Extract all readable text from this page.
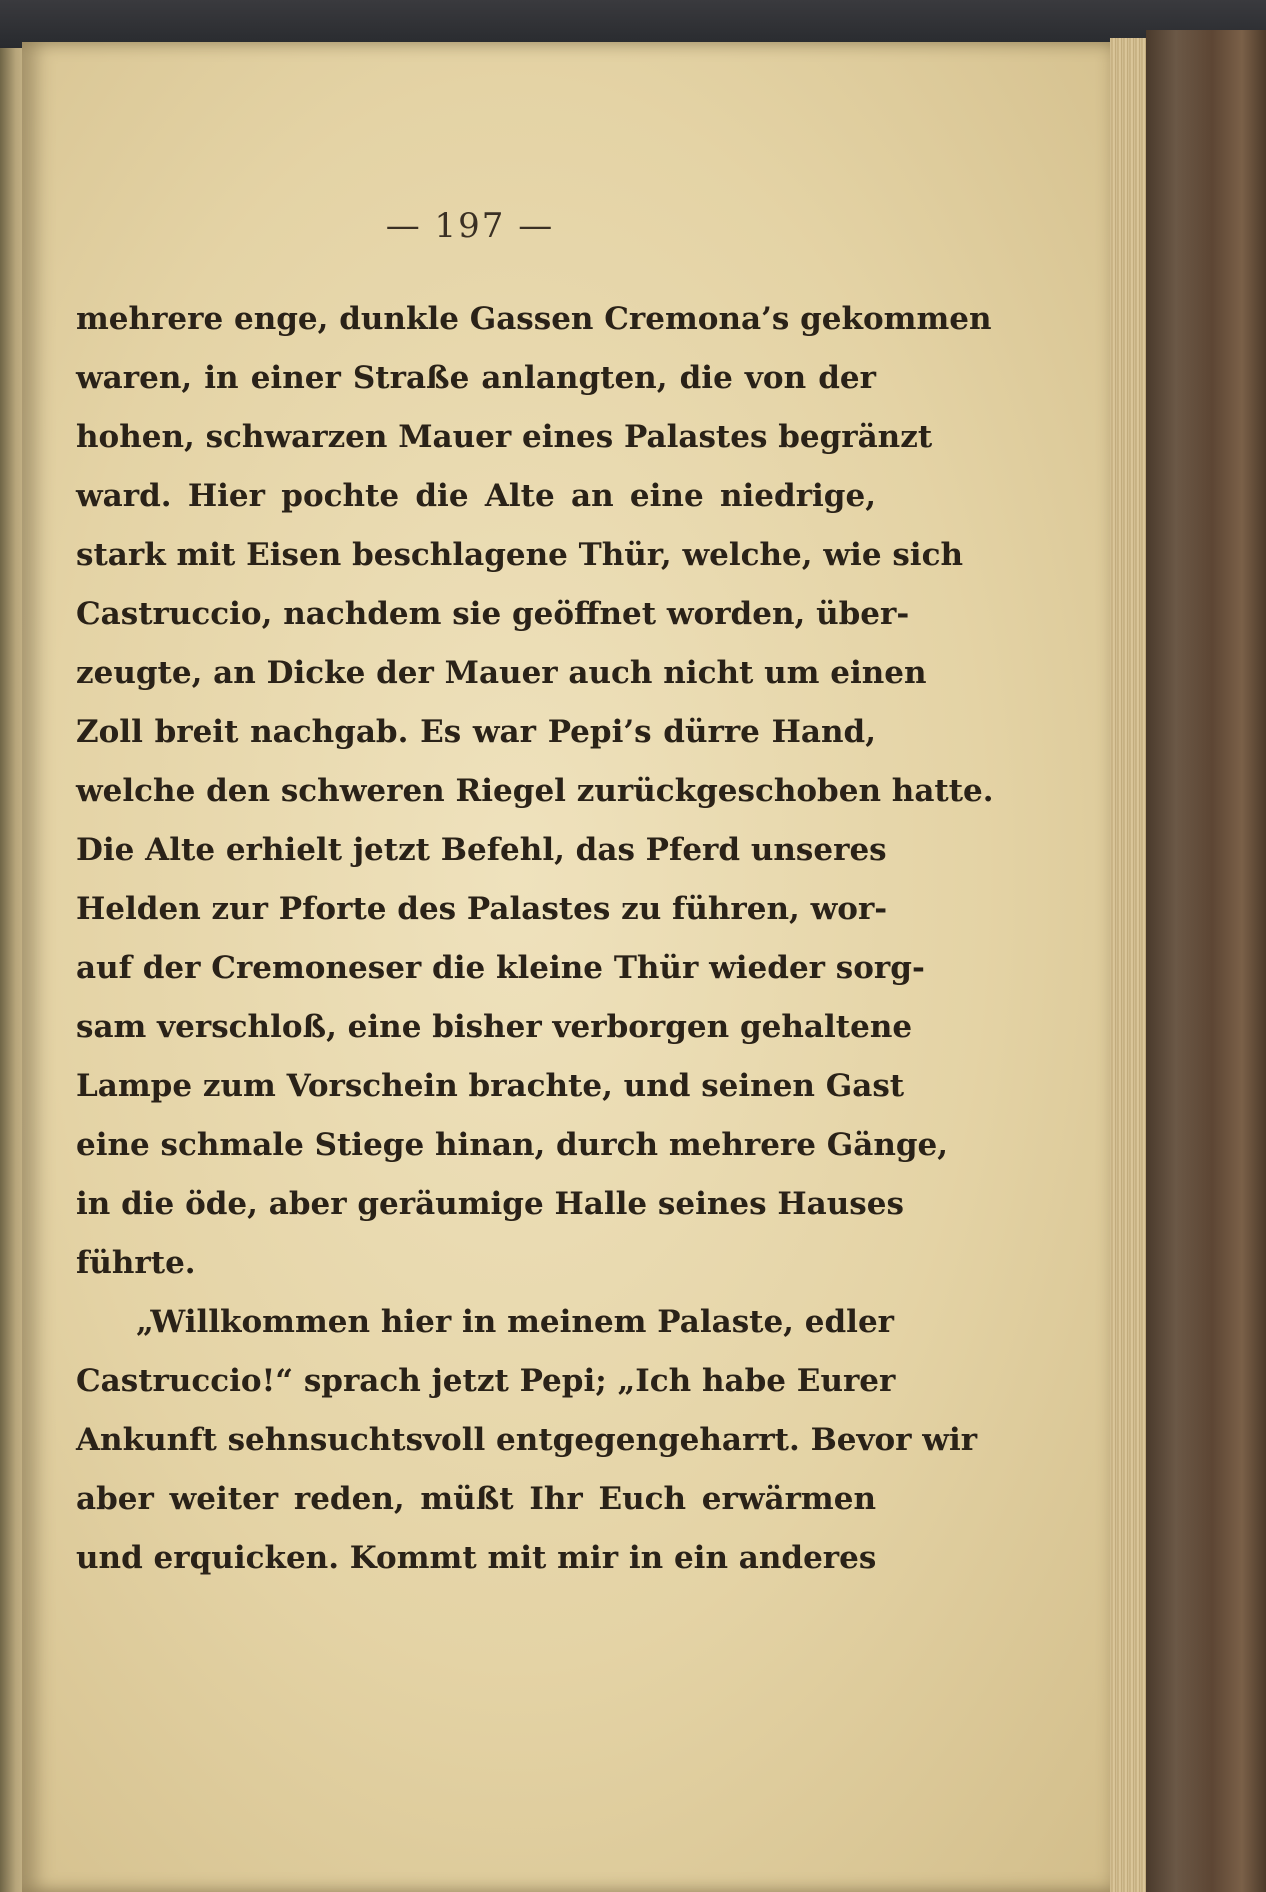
— 197 —
mehrere enge, dunkle Gassen Cremona’s gekommen
waren, in einer Straße anlangten, die von der
hohen, schwarzen Mauer eines Palastes begränzt
ward. Hier pochte die Alte an eine niedrige,
stark mit Eisen beschlagene Thür, welche, wie sich
Castruccio, nachdem sie geöffnet worden, über-
zeugte, an Dicke der Mauer auch nicht um einen
Zoll breit nachgab. Es war Pepi’s dürre Hand,
welche den schweren Riegel zurückgeschoben hatte.
Die Alte erhielt jetzt Befehl, das Pferd unseres
Helden zur Pforte des Palastes zu führen, wor-
auf der Cremoneser die kleine Thür wieder sorg-
sam verschloß, eine bisher verborgen gehaltene
Lampe zum Vorschein brachte, und seinen Gast
eine schmale Stiege hinan, durch mehrere Gänge,
in die öde, aber geräumige Halle seines Hauses
führte.
„Willkommen hier in meinem Palaste, edler
Castruccio!“ sprach jetzt Pepi; „Ich habe Eurer
Ankunft sehnsuchtsvoll entgegengeharrt. Bevor wir
aber weiter reden, müßt Ihr Euch erwärmen
und erquicken. Kommt mit mir in ein anderes
